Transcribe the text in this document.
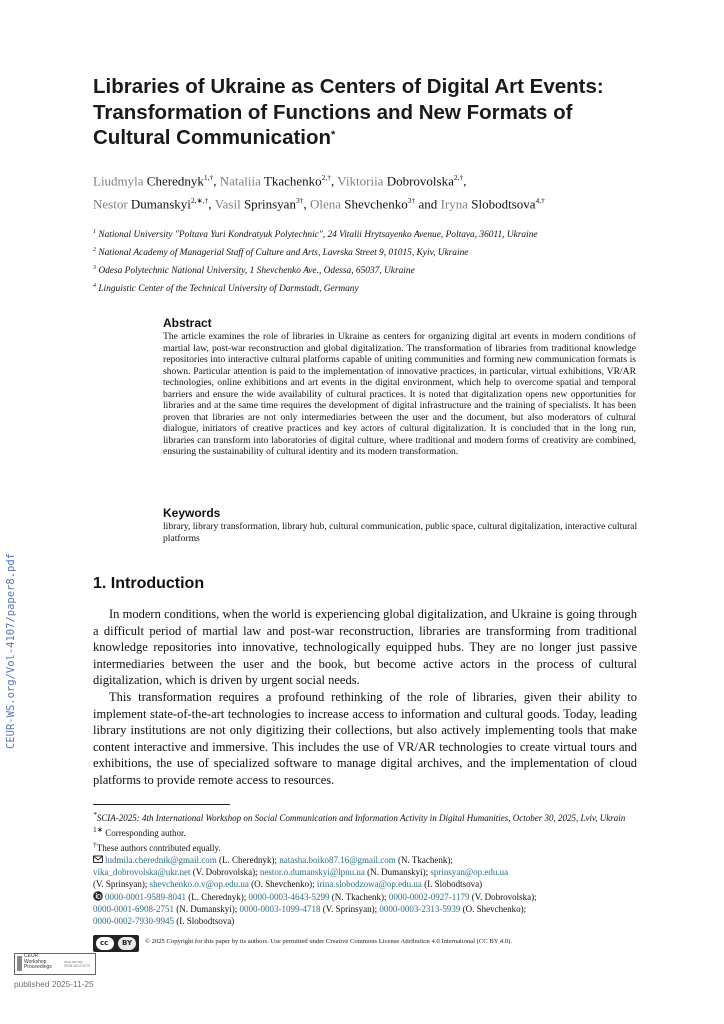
Libraries of Ukraine as Centers of Digital Art Events:
Transformation of Functions and New Formats of
Cultural Communication*
Liudmyla Cherednyk$^{1,\dagger}$, Nataliia Tkachenko$^{2,\dagger}$, Viktoriia Dobrovolska$^{2,\dagger}$,
Nestor Dumanskyi$^{2,∗,\dagger}$, Vasil Sprinsyan$^{3\dagger}$, Olena Shevchenko$^{3\dagger}$ and Iryna Slobodtsova$^{4,\dagger}$
$^1$ National University "Poltava Yuri Kondratyuk Polytechnic", 24 Vitalii Hrytsayenko Avenue, Poltava, 36011, Ukraine
$^2$ National Academy of Managerial Staff of Culture and Arts, Lavrska Street 9, 01015, Kyiv, Ukraine
$^3$ Odesa Polytechnic National University, 1 Shevchenko Ave., Odessa, 65037, Ukraine
$^4$ Linguistic Center of the Technical University of Darmstadt, Germany
Abstract
The article examines the role of libraries in Ukraine as centers for organizing digital art events in modern conditions of martial law, post-war reconstruction and global digitalization. The transformation of libraries from traditional knowledge repositories into interactive cultural platforms capable of uniting communities and forming new communication formats is shown. Particular attention is paid to the implementation of innovative practices, in particular, virtual exhibitions, VR/AR technologies, online exhibitions and art events in the digital environment, which help to overcome spatial and temporal barriers and ensure the wide availability of cultural practices. It is noted that digitalization opens new opportunities for libraries and at the same time requires the development of digital infrastructure and the training of specialists. It has been proven that libraries are not only intermediaries between the user and the document, but also moderators of cultural dialogue, initiators of creative practices and key actors of cultural digitalization. It is concluded that in the long run, libraries can transform into laboratories of digital culture, where traditional and modern forms of creativity are combined, ensuring the sustainability of cultural identity and its modern transformation.
Keywords
library, library transformation, library hub, cultural communication, public space, cultural digitalization, interactive cultural platforms
1. Introduction

In modern conditions, when the world is experiencing global digitalization, and Ukraine is going through a difficult period of martial law and post-war reconstruction, libraries are transforming from traditional knowledge repositories into innovative, technologically equipped hubs. They are no longer just passive intermediaries between the user and the book, but become active actors in the process of cultural digitalization, which is driven by urgent social needs.

This transformation requires a profound rethinking of the role of libraries, given their ability to implement state-of-the-art technologies to increase access to information and cultural goods. Today, leading library institutions are not only digitizing their collections, but also actively implementing tools that make content interactive and immersive. This includes the use of VR/AR technologies to create virtual tours and exhibitions, the use of specialized software to manage digital archives, and the implementation of cloud platforms to provide remote access to resources.

*SCIA-2025: 4th International Workshop on Social Communication and Information Activity in Digital Humanities, October 30, 2025, Lviv, Ukrain
$^{1∗}$ Corresponding author.
†These authors contributed equally.
ludmila.cherednik@gmail.com (L. Cherednyk); natasha.boiko87.16@gmail.com (N. Tkachenk);
vika_dobrovolska@ukr.net (V. Dobrovolska); nestor.o.dumanskyi@lpnu.ua (N. Dumanskyi); sprinsyan@op.edu.ua
(V. Sprinsyan); shevchenko.o.v@op.edu.ua (O. Shevchenko); irina.slobodzowa@op.edu.ua (I. Slobodtsova)
0000-0001-9589-8041 (L. Cherednyk); 0000-0003-4643-5299 (N. Tkachenk); 0000-0002-0927-1179 (V. Dobrovolska);
0000-0001-6908-2751 (N. Dumanskyi); 0000-0003-1099-4718 (V. Sprinsyan); 0000-0003-2313-5939 (O. Shevchenko);
0000-0002-7930-9945 (I. Slobodtsova)
cc BY © 2025 Copyright for this paper by its authors. Use permitted under Creative Commons License Attribution 4.0 International (CC BY 4.0).
CEUR-WS.org/Vol-4107/paper8.pdf
CEUR
Workshop
Proceedings
ceur-ws.org
ISSN 1613-0073
published 2025-11-25
